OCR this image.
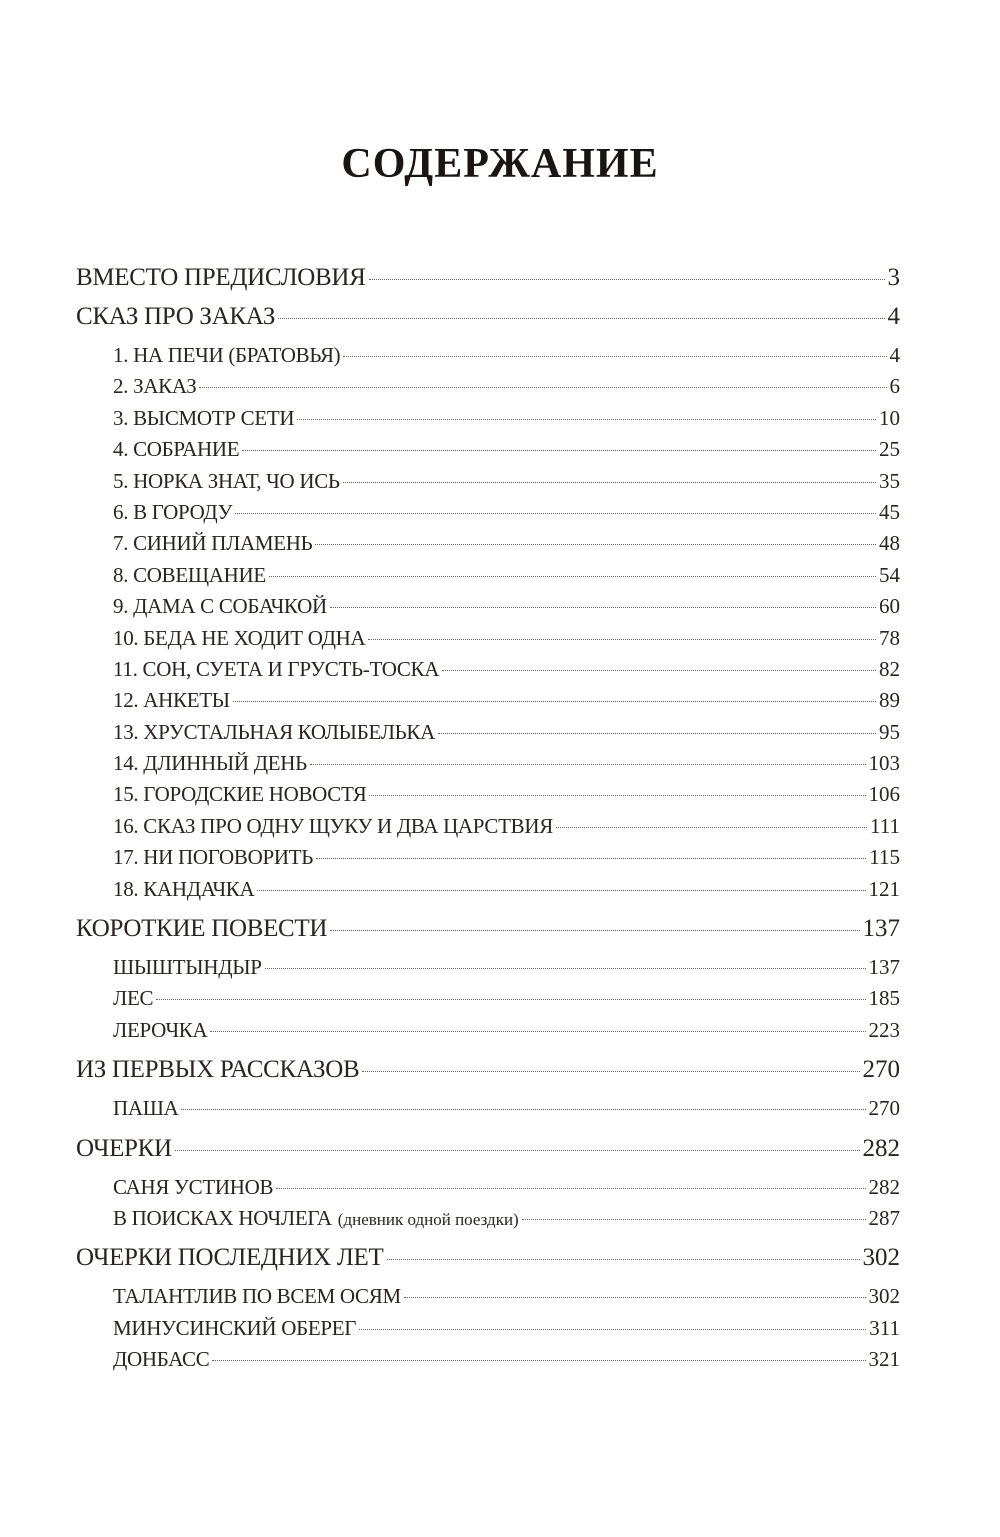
СОДЕРЖАНИЕ
ВМЕСТО ПРЕДИСЛОВИЯ	3
СКАЗ ПРО ЗАКАЗ	4
1. НА ПЕЧИ (БРАТОВЬЯ)	4
2. ЗАКАЗ	6
3. ВЫСМОТР СЕТИ	10
4. СОБРАНИЕ	25
5. НОРКА ЗНАТ, ЧО ИСЬ	35
6. В ГОРОДУ	45
7. СИНИЙ ПЛАМЕНЬ	48
8. СОВЕЩАНИЕ	54
9. ДАМА С СОБАЧКОЙ	60
10. БЕДА НЕ ХОДИТ ОДНА	78
11. СОН, СУЕТА И ГРУСТЬ-ТОСКА	82
12. АНКЕТЫ	89
13. ХРУСТАЛЬНАЯ КОЛЫБЕЛЬКА	95
14. ДЛИННЫЙ ДЕНЬ	103
15. ГОРОДСКИЕ НОВОСТЯ	106
16. СКАЗ ПРО ОДНУ ЩУКУ И ДВА ЦАРСТВИЯ	111
17. НИ ПОГОВОРИТЬ	115
18. КАНДАЧКА	121
КОРОТКИЕ ПОВЕСТИ	137
ШЫШТЫНДЫР	137
ЛЕС	185
ЛЕРОЧКА	223
ИЗ ПЕРВЫХ РАССКАЗОВ	270
ПАША	270
ОЧЕРКИ	282
САНЯ УСТИНОВ	282
В ПОИСКАХ НОЧЛЕГА (дневник одной поездки)	287
ОЧЕРКИ ПОСЛЕДНИХ ЛЕТ	302
ТАЛАНТЛИВ ПО ВСЕМ ОСЯМ	302
МИНУСИНСКИЙ ОБЕРЕГ	311
ДОНБАСС	321
